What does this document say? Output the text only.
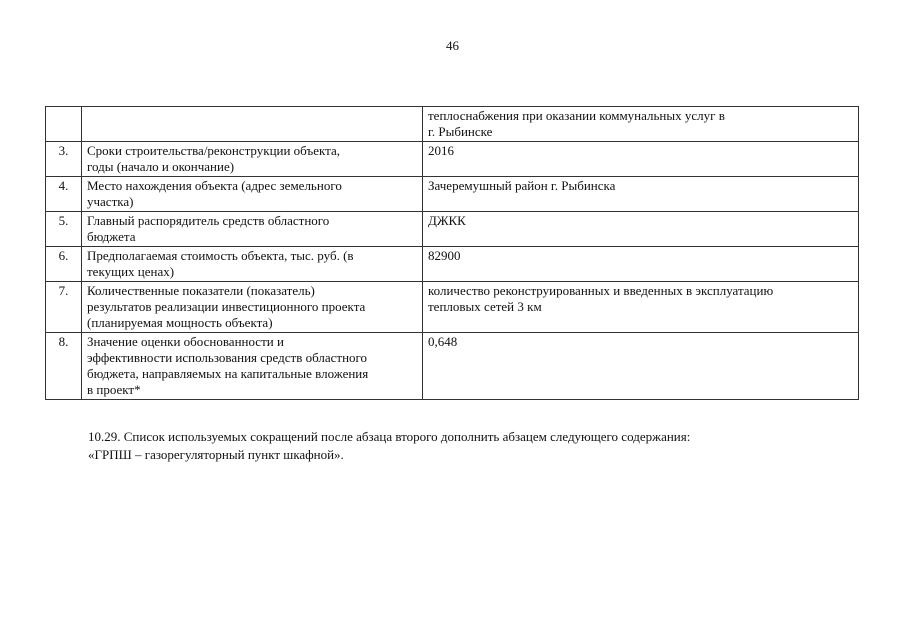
46
		теплоснабжения при оказании коммунальных услуг в
г. Рыбинске
3.	Сроки строительства/реконструкции объекта,
годы (начало и окончание)	2016
4.	Место нахождения объекта (адрес земельного
участка)	Зачеремушный район г. Рыбинска
5.	Главный распорядитель средств областного
бюджета	ДЖКК
6.	Предполагаемая стоимость объекта, тыс. руб. (в
текущих ценах)	82900
7.	Количественные показатели (показатель)
результатов реализации инвестиционного проекта
(планируемая мощность объекта)	количество реконструированных и введенных в эксплуатацию
тепловых сетей 3 км
8.	Значение оценки обоснованности и
эффективности использования средств областного
бюджета, направляемых на капитальные вложения
в проект*	0,648
10.29. Список используемых сокращений после абзаца второго дополнить абзацем следующего содержания:
«ГРПШ – газорегуляторный пункт шкафной».
